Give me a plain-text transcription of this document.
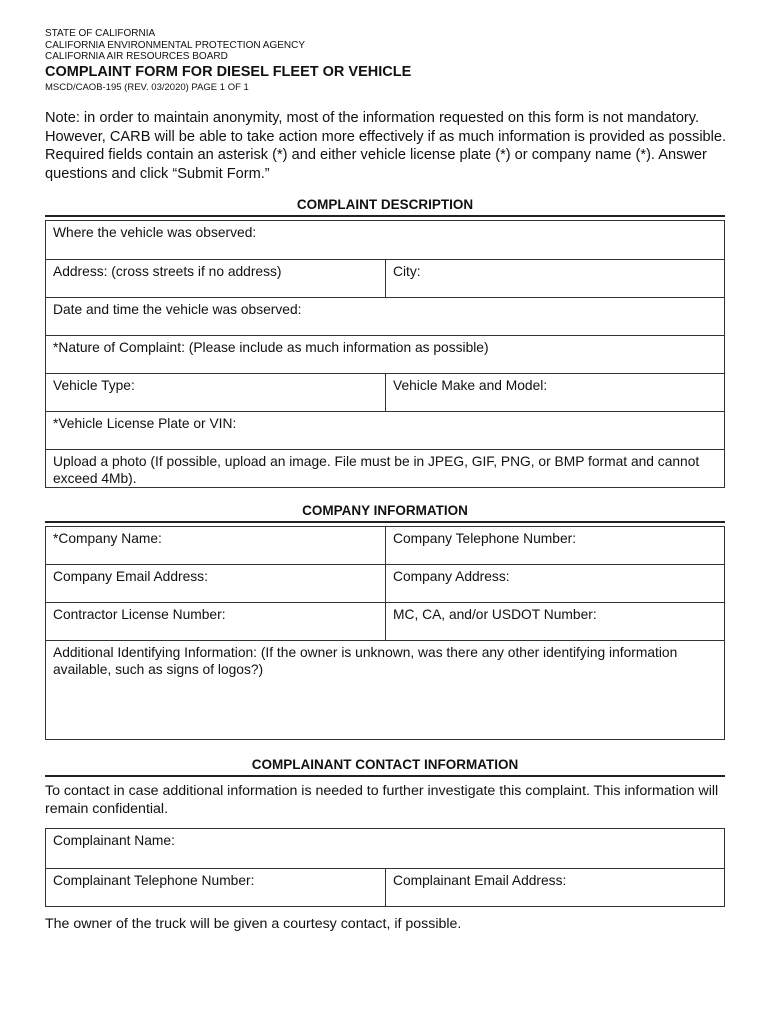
STATE OF CALIFORNIA
CALIFORNIA ENVIRONMENTAL PROTECTION AGENCY
CALIFORNIA AIR RESOURCES BOARD
COMPLAINT FORM FOR DIESEL FLEET OR VEHICLE
MSCD/CAOB-195 (REV. 03/2020) PAGE 1 OF 1
Note: in order to maintain anonymity, most of the information requested on this form is not mandatory. However, CARB will be able to take action more effectively if as much information is provided as possible. Required fields contain an asterisk (*) and either vehicle license plate (*) or company name (*). Answer questions and click “Submit Form.”
COMPLAINT DESCRIPTION
Where the vehicle was observed:
Address: (cross streets if no address)	City:
Date and time the vehicle was observed:
*Nature of Complaint: (Please include as much information as possible)
Vehicle Type:	Vehicle Make and Model:
*Vehicle License Plate or VIN:
Upload a photo (If possible, upload an image. File must be in JPEG, GIF, PNG, or BMP format and cannot exceed 4Mb).
COMPANY INFORMATION
*Company Name:	Company Telephone Number:
Company Email Address:	Company Address:
Contractor License Number:	MC, CA, and/or USDOT Number:
Additional Identifying Information: (If the owner is unknown, was there any other identifying information available, such as signs of logos?)
COMPLAINANT CONTACT INFORMATION
To contact in case additional information is needed to further investigate this complaint. This information will remain confidential.
Complainant Name:
Complainant Telephone Number:	Complainant Email Address:
The owner of the truck will be given a courtesy contact, if possible.
